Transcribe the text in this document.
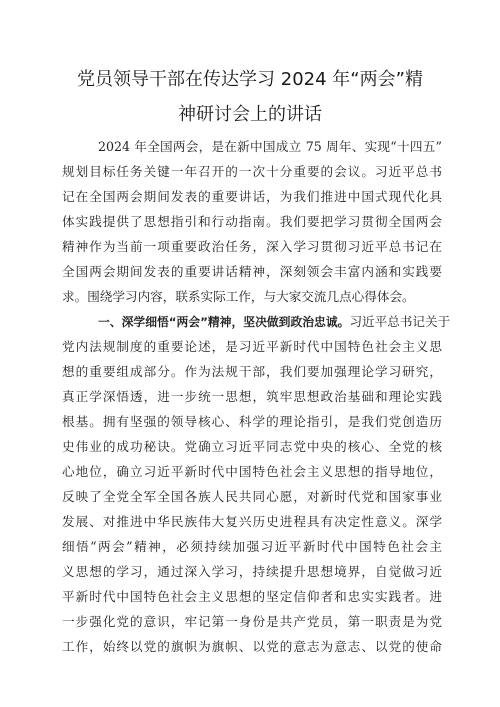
党员领导干部在传达学习 2024 年“两会”精
神研讨会上的讲话
2024 年全国两会，是在新中国成立 75 周年、实现“十四五”
规划目标任务关键一年召开的一次十分重要的会议。习近平总书
记在全国两会期间发表的重要讲话，为我们推进中国式现代化具
体实践提供了思想指引和行动指南。我们要把学习贯彻全国两会
精神作为当前一项重要政治任务，深入学习贯彻习近平总书记在
全国两会期间发表的重要讲话精神，深刻领会丰富内涵和实践要
求。围绕学习内容，联系实际工作，与大家交流几点心得体会。
一、深学细悟“两会”精神，坚决做到政治忠诚。习近平总书记关于
党内法规制度的重要论述，是习近平新时代中国特色社会主义思
想的重要组成部分。作为法规干部，我们要加强理论学习研究，
真正学深悟透，进一步统一思想，筑牢思想政治基础和理论实践
根基。拥有坚强的领导核心、科学的理论指引，是我们党创造历
史伟业的成功秘诀。党确立习近平同志党中央的核心、全党的核
心地位，确立习近平新时代中国特色社会主义思想的指导地位，
反映了全党全军全国各族人民共同心愿，对新时代党和国家事业
发展、对推进中华民族伟大复兴历史进程具有决定性意义。深学
细悟“两会”精神，必须持续加强习近平新时代中国特色社会主
义思想的学习，通过深入学习，持续提升思想境界，自觉做习近
平新时代中国特色社会主义思想的坚定信仰者和忠实实践者。进
一步强化党的意识，牢记第一身份是共产党员，第一职责是为党
工作，始终以党的旗帜为旗帜、以党的意志为意志、以党的使命
